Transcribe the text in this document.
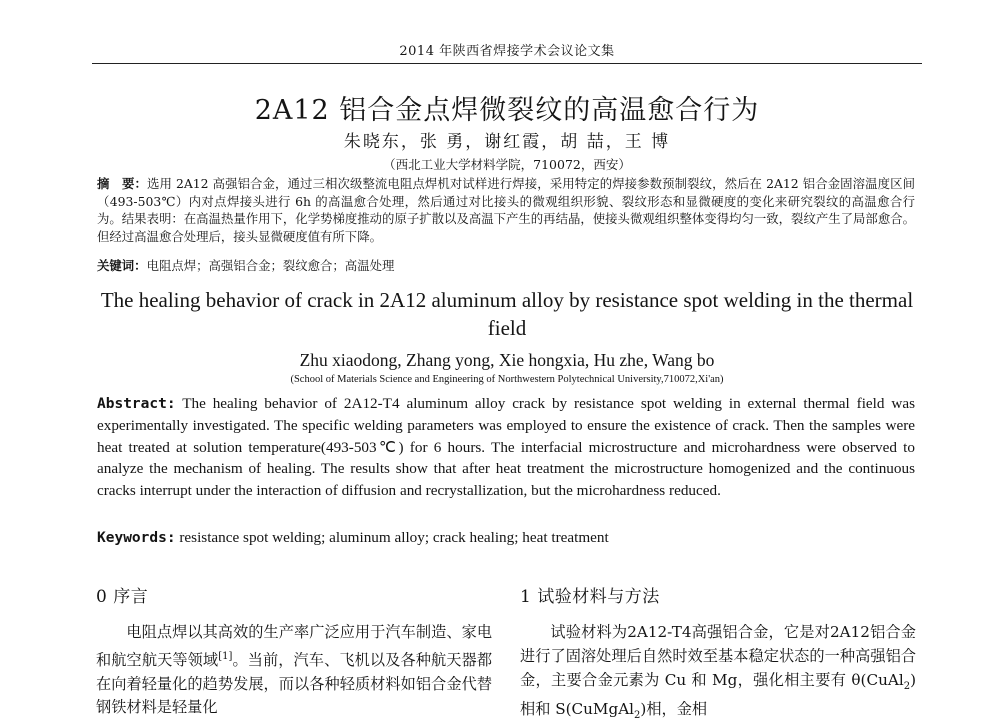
2014 年陕西省焊接学术会议论文集
2A12 铝合金点焊微裂纹的高温愈合行为
朱晓东，张 勇，谢红霞，胡 喆，王 博
（西北工业大学材料学院，710072，西安）
摘　要：选用 2A12 高强铝合金，通过三相次级整流电阻点焊机对试样进行焊接，采用特定的焊接参数预制裂纹，然后在 2A12 铝合金固溶温度区间（493-503℃）内对点焊接头进行 6h 的高温愈合处理，然后通过对比接头的微观组织形貌、裂纹形态和显微硬度的变化来研究裂纹的高温愈合行为。结果表明：在高温热量作用下，化学势梯度推动的原子扩散以及高温下产生的再结晶，使接头微观组织整体变得均匀一致，裂纹产生了局部愈合。但经过高温愈合处理后，接头显微硬度值有所下降。
关键词：电阻点焊；高强铝合金；裂纹愈合；高温处理
The healing behavior of crack in 2A12 aluminum alloy by resistance spot welding in the thermal field
Zhu xiaodong, Zhang yong, Xie hongxia, Hu zhe, Wang bo
(School of Materials Science and Engineering of Northwestern Polytechnical University,710072,Xi'an)
Abstract: The healing behavior of 2A12-T4 aluminum alloy crack by resistance spot welding in external thermal field was experimentally investigated. The specific welding parameters was employed to ensure the existence of crack. Then the samples were heat treated at solution temperature(493-503℃) for 6 hours. The interfacial microstructure and microhardness were observed to analyze the mechanism of healing. The results show that after heat treatment the microstructure homogenized and the continuous cracks interrupt under the interaction of diffusion and recrystallization, but the microhardness reduced.
Keywords: resistance spot welding; aluminum alloy; crack healing; heat treatment
0 序言
电阻点焊以其高效的生产率广泛应用于汽车制造、家电和航空航天等领域[1]。当前，汽车、飞机以及各种航天器都在向着轻量化的趋势发展，而以各种轻质材料如铝合金代替钢铁材料是轻量化
1 试验材料与方法
试验材料为2A12-T4高强铝合金，它是对2A12铝合金进行了固溶处理后自然时效至基本稳定状态的一种高强铝合金，主要合金元素为 Cu 和 Mg，强化相主要有 θ(CuAl$_2$) 相和 S(CuMgAl$_2$)相，金相
